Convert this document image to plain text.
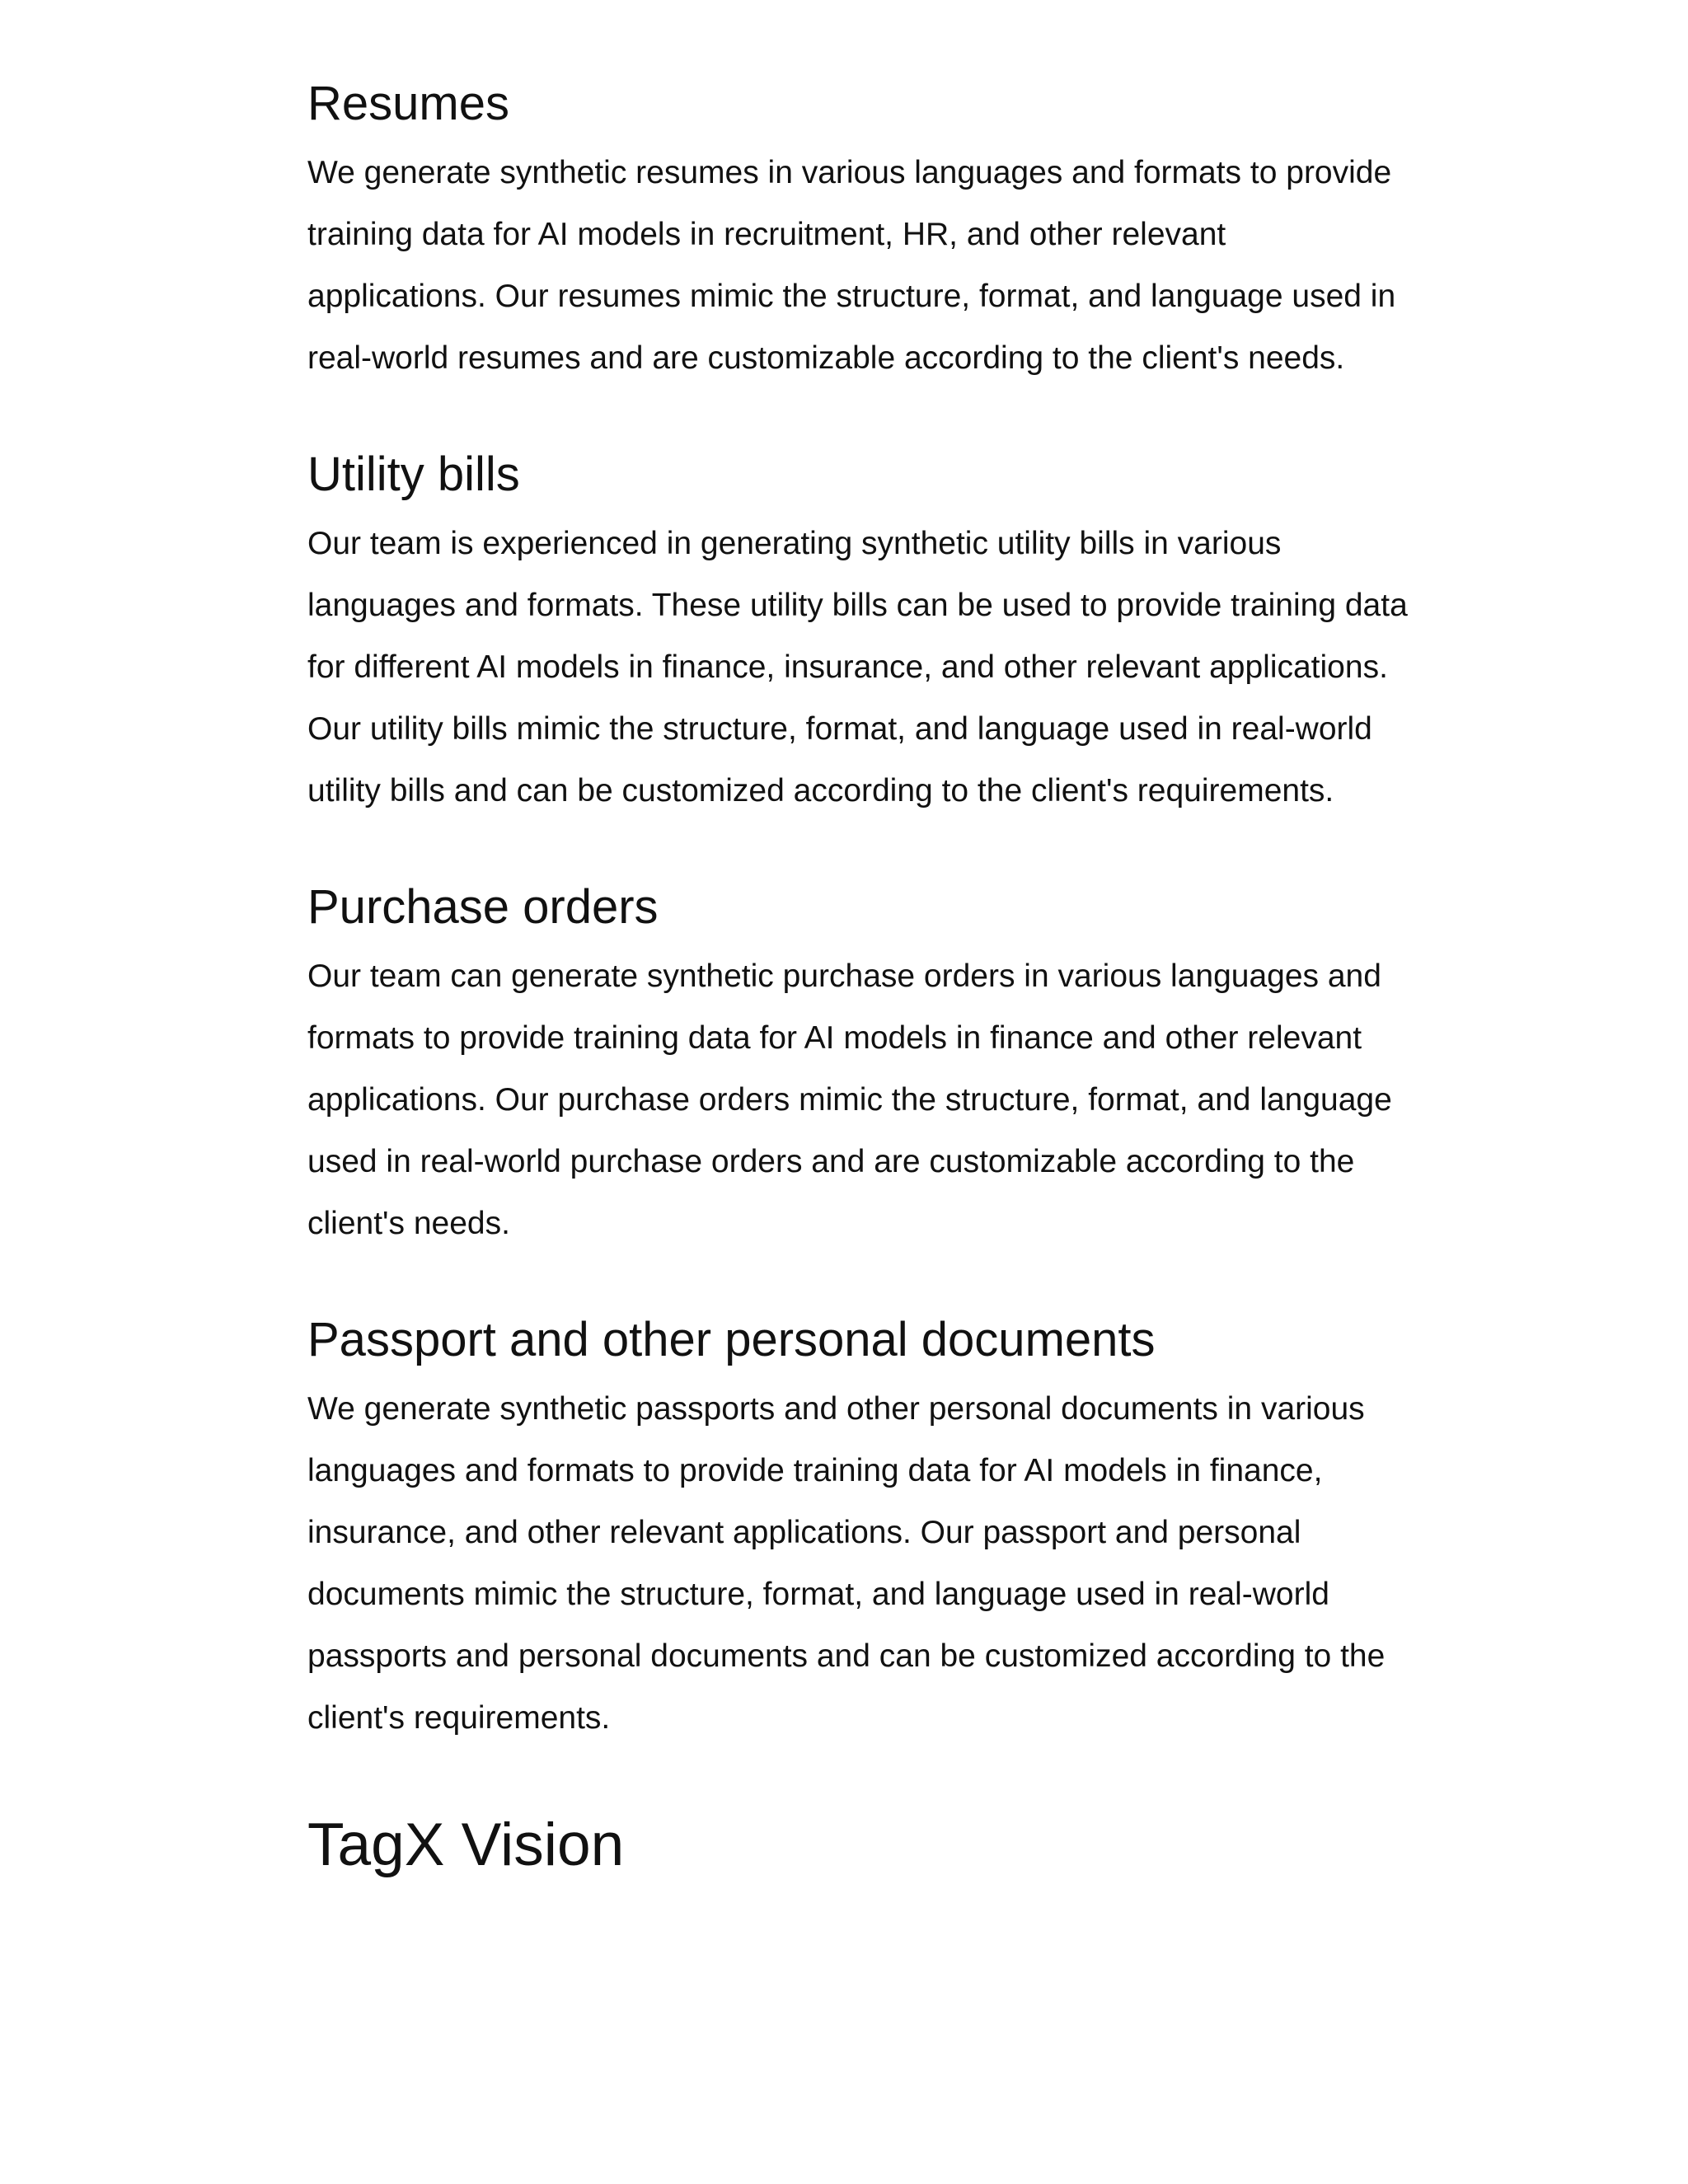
Resumes

We generate synthetic resumes in various languages and formats to provide training data for AI models in recruitment, HR, and other relevant applications. Our resumes mimic the structure, format, and language used in real-world resumes and are customizable according to the client's needs.

Utility bills

Our team is experienced in generating synthetic utility bills in various languages and formats. These utility bills can be used to provide training data for different AI models in finance, insurance, and other relevant applications. Our utility bills mimic the structure, format, and language used in real-world utility bills and can be customized according to the client's requirements.

Purchase orders

Our team can generate synthetic purchase orders in various languages and formats to provide training data for AI models in finance and other relevant applications. Our purchase orders mimic the structure, format, and language used in real-world purchase orders and are customizable according to the client's needs.

Passport and other personal documents

We generate synthetic passports and other personal documents in various languages and formats to provide training data for AI models in finance, insurance, and other relevant applications. Our passport and personal documents mimic the structure, format, and language used in real-world passports and personal documents and can be customized according to the client's requirements.

TagX Vision
